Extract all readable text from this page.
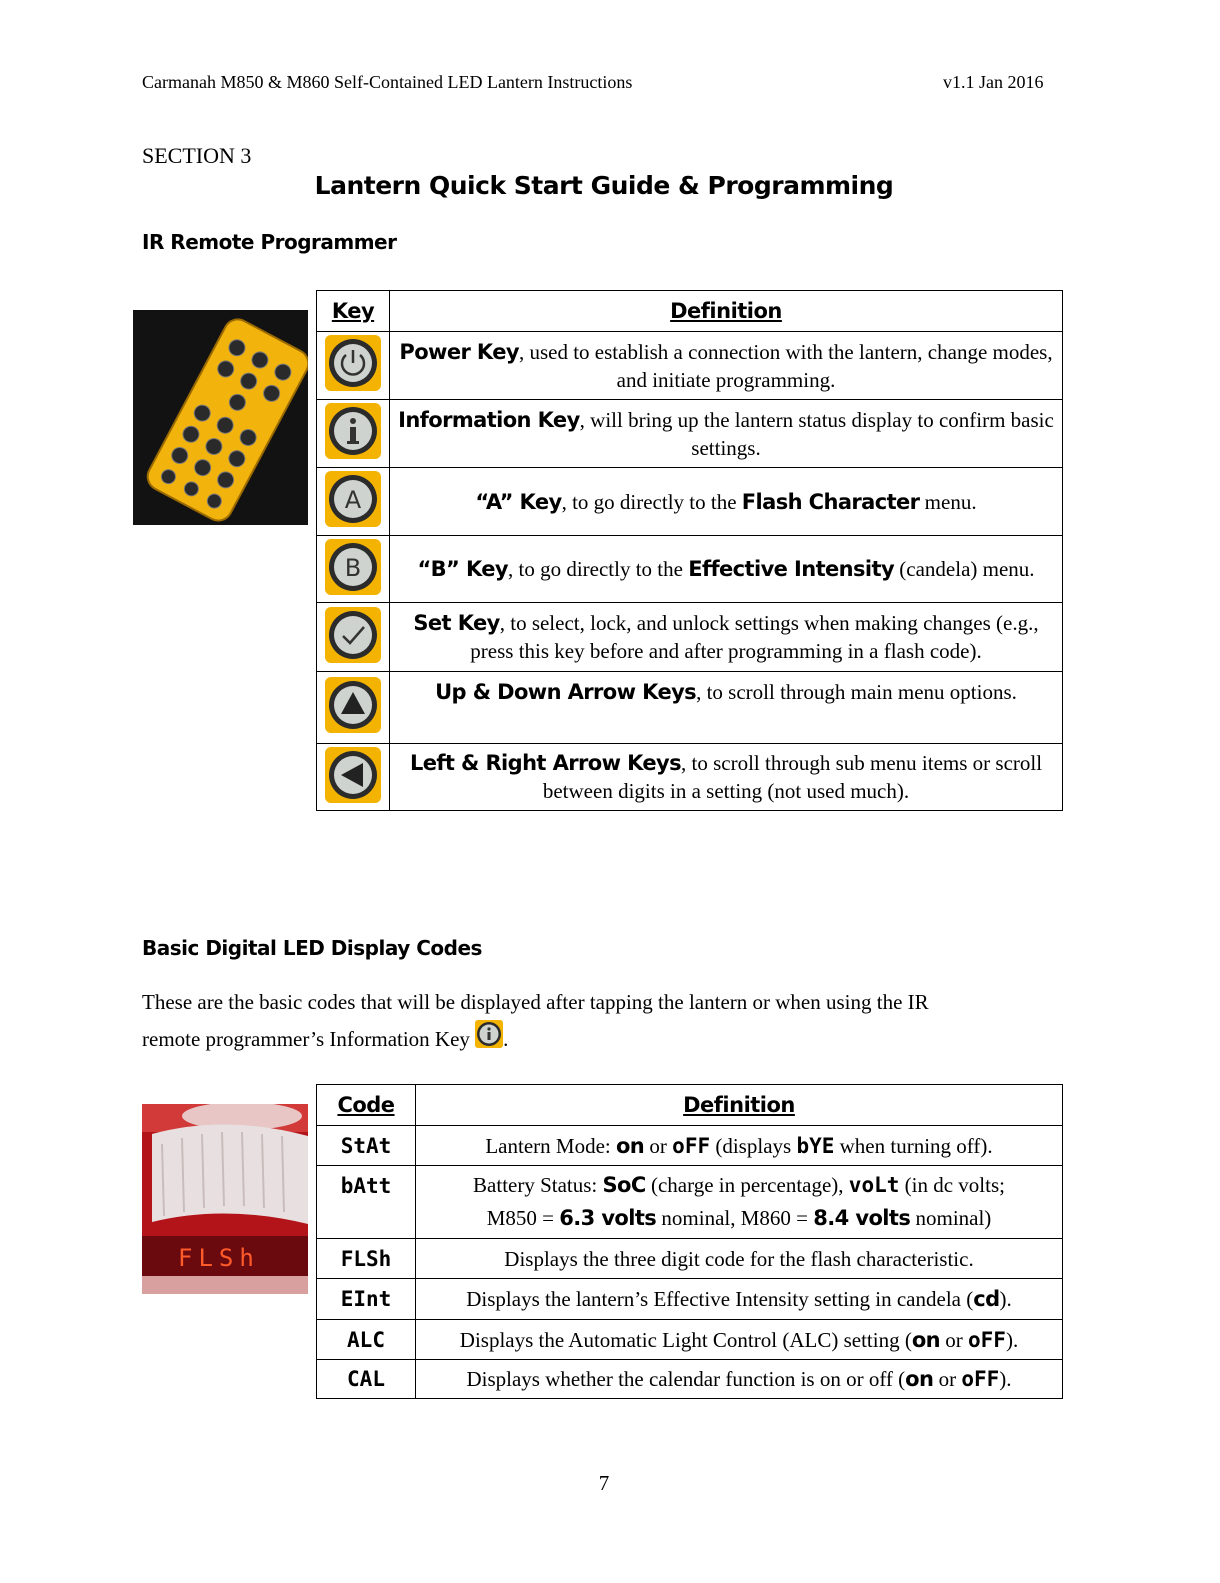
Carmanah M850 & M860 Self-Contained LED Lantern Instructions	v1.1 Jan 2016
SECTION 3
Lantern Quick Start Guide & Programming
IR Remote Programmer
Key	Definition

	Power Key, used to establish a connection with the lantern, change modes, and initiate programming.

	Information Key, will bring up the lantern status display to confirm basic settings.

A	“A” Key, to go directly to the Flash Character menu.

B	“B” Key, to go directly to the Effective Intensity (candela) menu.

	Set Key, to select, lock, and unlock settings when making changes (e.g., press this key before and after programming in a flash code).

	Up & Down Arrow Keys, to scroll through main menu options.

	Left & Right Arrow Keys, to scroll through sub menu items or scroll between digits in a setting (not used much).
Basic Digital LED Display Codes
These are the basic codes that will be displayed after tapping the lantern or when using the IR
remote programmer’s Information Key .
FLSh
Code	Definition
StAt	Lantern Mode: on or oFF (displays bYE when turning off).
bAtt	Battery Status: SoC (charge in percentage), voLt (in dc volts;
M850 = 6.3 volts nominal, M860 = 8.4 volts nominal)
FLSh	Displays the three digit code for the flash characteristic.
EInt	Displays the lantern’s Effective Intensity setting in candela (cd).
ALC	Displays the Automatic Light Control (ALC) setting (on or oFF).
CAL	Displays whether the calendar function is on or off (on or oFF).
7
